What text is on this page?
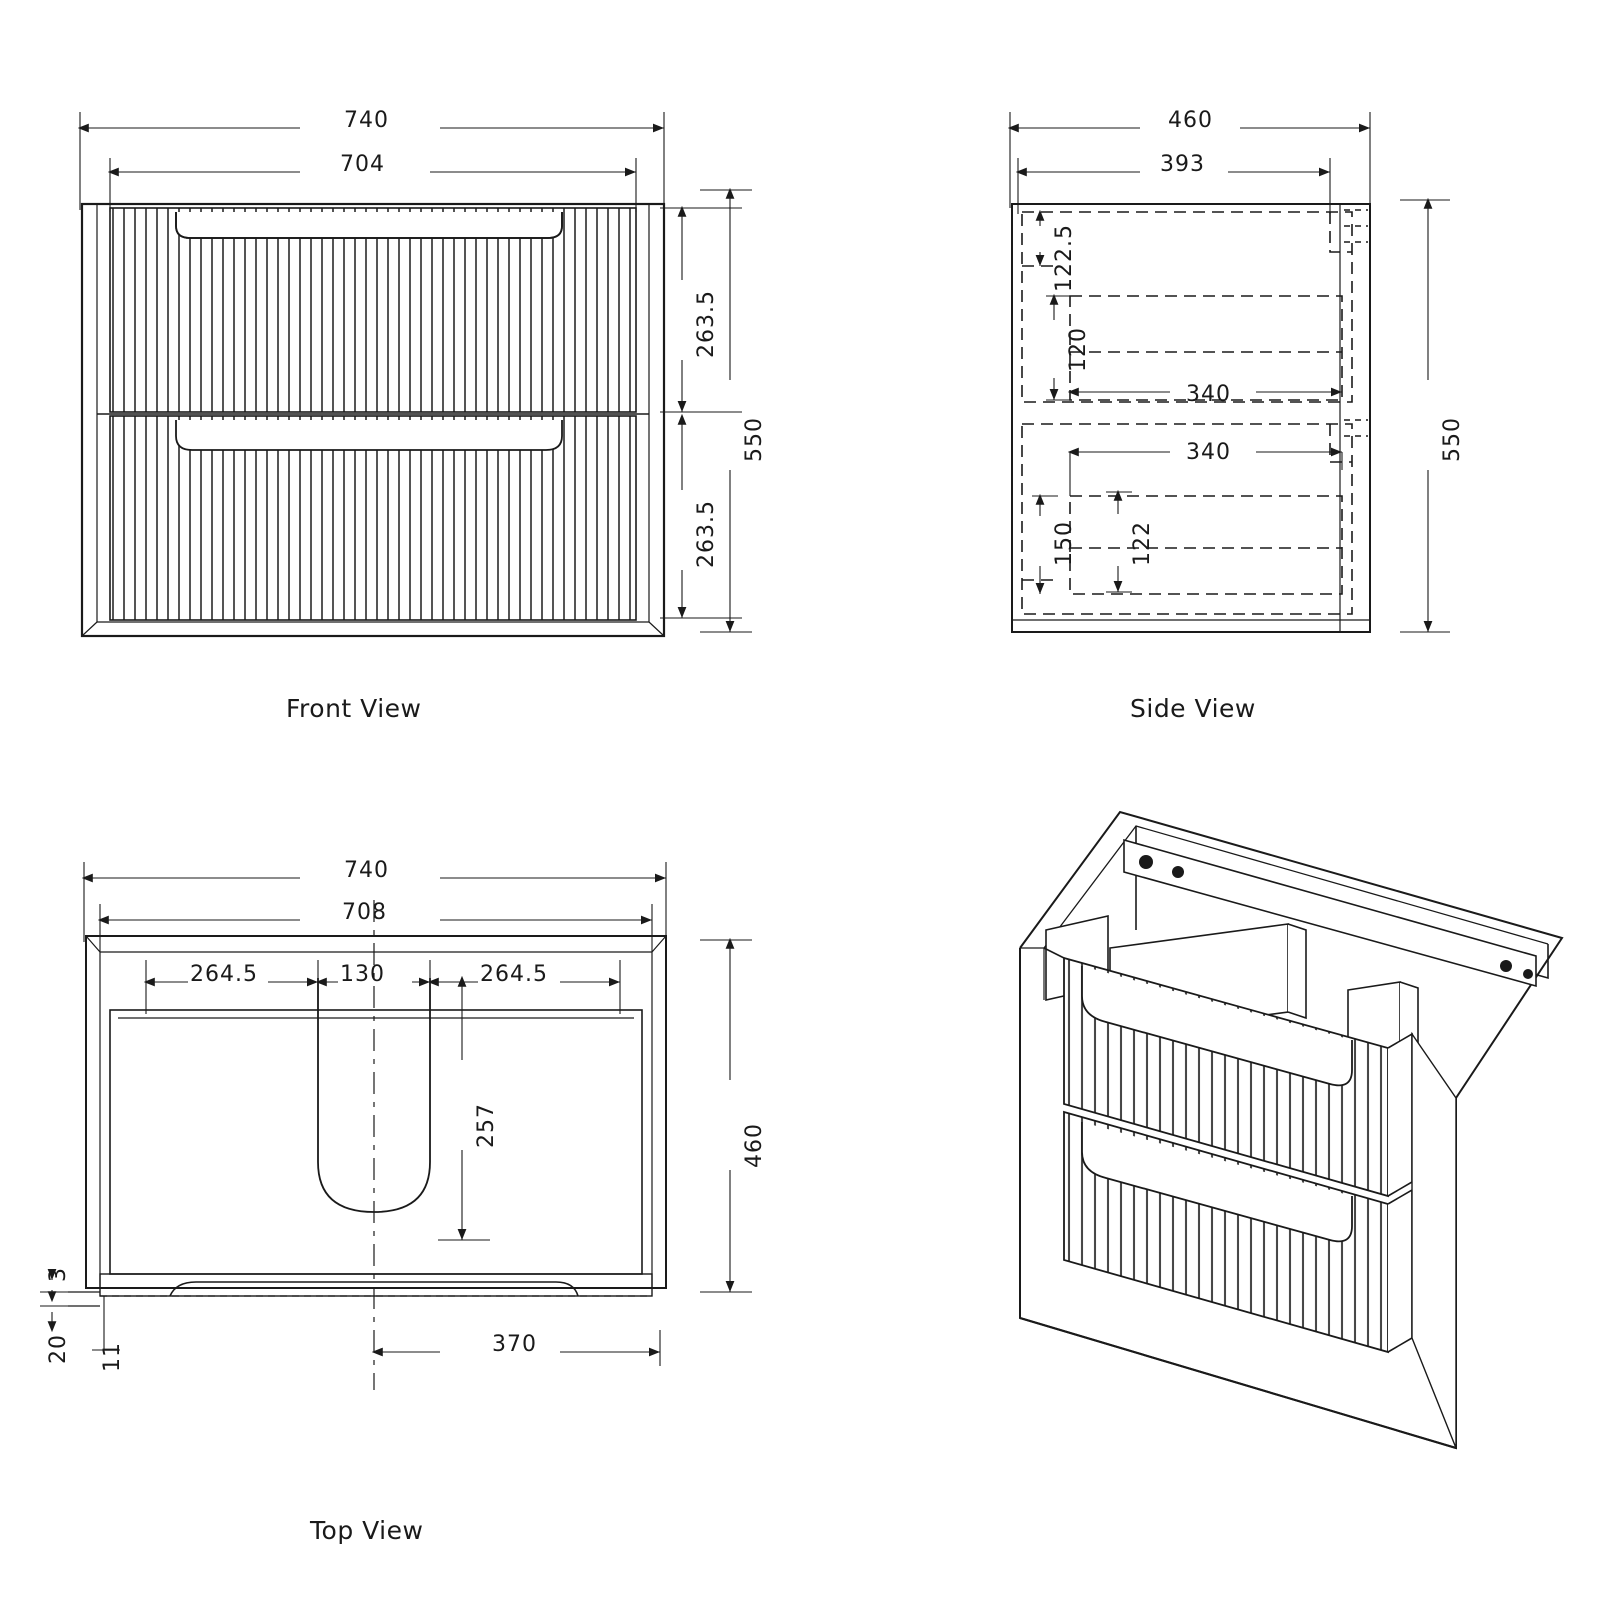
Front View	Side View
Top View
740
704
263.5
263.5
550
460
393
122.5
120
340
340
150 122
550
740
708
264.5	130	264.5
257	460
370
3
20 11
